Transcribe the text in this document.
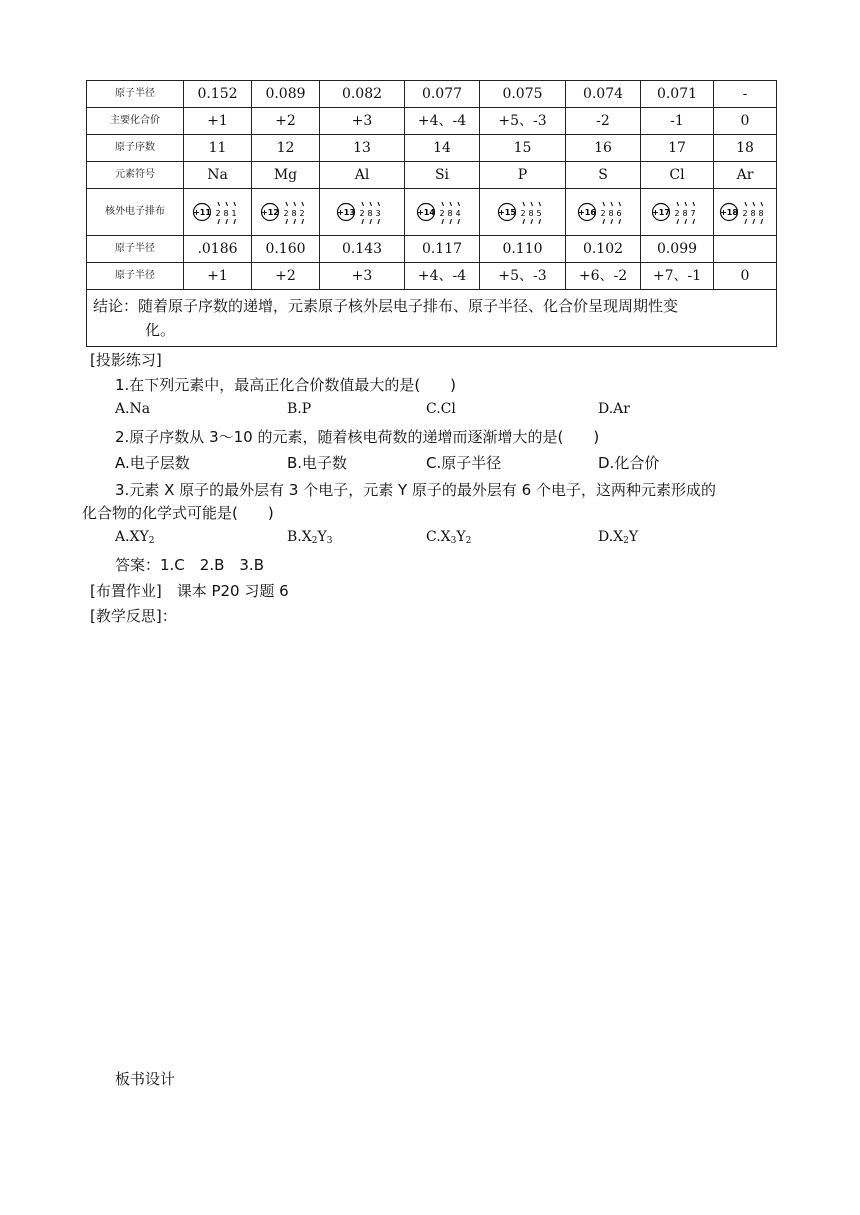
原子半径	0.152	0.089	0.082	0.077	0.075	0.074	0.071	-
主要化合价	+1	+2	+3	+4、-4	+5、-3	-2	-1	0
原子序数	11	12	13	14	15	16	17	18
元素符号	Na	Mg	Al	Si	P	S	Cl	Ar
核外电子排布	+11 2 8 1	+12 2 8 2	+13 2 8 3	+14 2 8 4	+15 2 8 5	+16 2 8 6	+17 2 8 7	+18 2 8 8

原子半径	.0186	0.160	0.143	0.117	0.110	0.102	0.099	
原子半径	+1	+2	+3	+4、-4	+5、-3	+6、-2	+7、-1	0

结论：随着原子序数的递增，元素原子核外层电子排布、原子半径、化合价呈现周期性变
化。								
[投影练习]
1.在下列元素中，最高正化合价数值最大的是(　　)
A.Na	B.P	C.Cl	D.Ar
2.原子序数从 3～10 的元素，随着核电荷数的递增而逐渐增大的是(　　)
A.电子层数	B.电子数	C.原子半径	D.化合价
3.元素 X 原子的最外层有 3 个电子，元素 Y 原子的最外层有 6 个电子，这两种元素形成的
化合物的化学式可能是(　　)
$A.XY_2$	$B.X_2Y_3$	$C.X_3Y_2$	$D.X_2Y$
答案：1.C　2.B　3.B
[布置作业]　课本 P20 习题 6
[教学反思]：
板书设计
